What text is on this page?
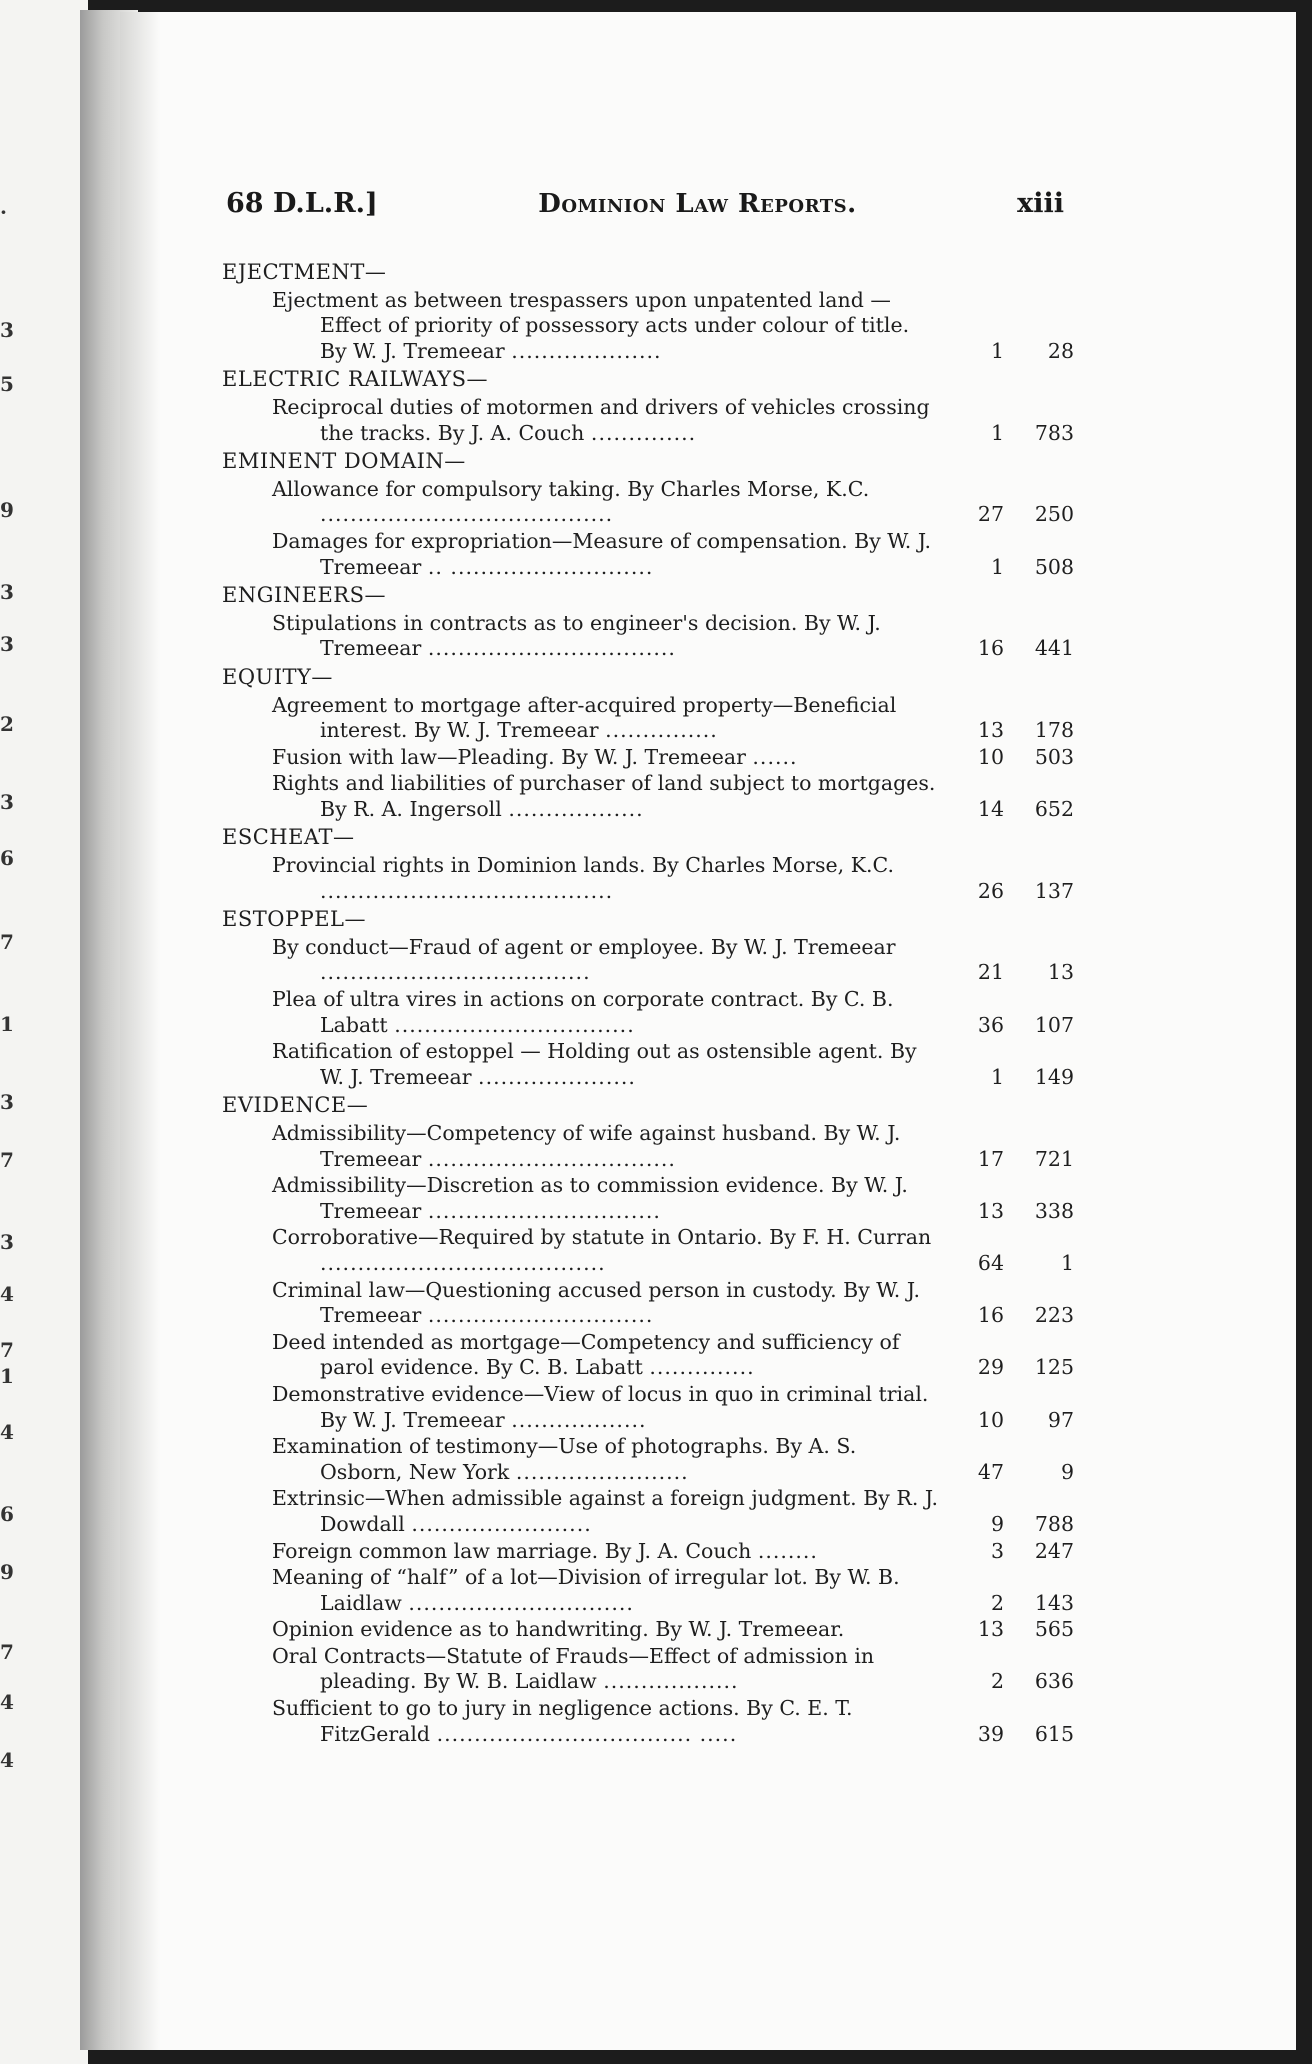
·
3
5
9
3
3
2
3
6
7
1
3
7
3
4
7
1
4
6
9
7
4
4
68 D.L.R.]	Dominion Law Reports.	xiii
EJECTMENT—
Ejectment as between trespassers upon unpatented land —Effect of priority of possessory acts under colour of title. By W. J. Tremeear ....................	1	28
ELECTRIC RAILWAYS—
Reciprocal duties of motormen and drivers of vehicles crossing the tracks. By J. A. Couch ..............	1	783
EMINENT DOMAIN—
Allowance for compulsory taking. By Charles Morse, K.C. .......................................	27	250
Damages for expropriation—Measure of compensation. By W. J. Tremeear .. ...........................	1	508
ENGINEERS—
Stipulations in contracts as to engineer's decision. By W. J. Tremeear .................................	16	441
EQUITY—
Agreement to mortgage after-acquired property—Beneficial interest. By W. J. Tremeear ...............	13	178
Fusion with law—Pleading. By W. J. Tremeear ......	10	503
Rights and liabilities of purchaser of land subject to mortgages. By R. A. Ingersoll ..................	14	652
ESCHEAT—
Provincial rights in Dominion lands. By Charles Morse, K.C. .......................................	26	137
ESTOPPEL—
By conduct—Fraud of agent or employee. By W. J. Tremeear ....................................	21	13
Plea of ultra vires in actions on corporate contract. By C. B. Labatt ................................	36	107
Ratification of estoppel — Holding out as ostensible agent. By W. J. Tremeear .....................	1	149
EVIDENCE—
Admissibility—Competency of wife against husband. By W. J. Tremeear .................................	17	721
Admissibility—Discretion as to commission evidence. By W. J. Tremeear ...............................	13	338
Corroborative—Required by statute in Ontario. By F. H. Curran ......................................	64	1
Criminal law—Questioning accused person in custody. By W. J. Tremeear ..............................	16	223
Deed intended as mortgage—Competency and sufficiency of parol evidence. By C. B. Labatt ..............	29	125
Demonstrative evidence—View of locus in quo in criminal trial. By W. J. Tremeear ..................	10	97
Examination of testimony—Use of photographs. By A. S. Osborn, New York .......................	47	9
Extrinsic—When admissible against a foreign judgment. By R. J. Dowdall ........................	9	788
Foreign common law marriage. By J. A. Couch ........	3	247
Meaning of “half” of a lot—Division of irregular lot. By W. B. Laidlaw ..............................	2	143
Opinion evidence as to handwriting. By W. J. Tremeear.	13	565
Oral Contracts—Statute of Frauds—Effect of admission in pleading. By W. B. Laidlaw ..................	2	636
Sufficient to go to jury in negligence actions. By C. E. T. FitzGerald .................................. .....	39	615
